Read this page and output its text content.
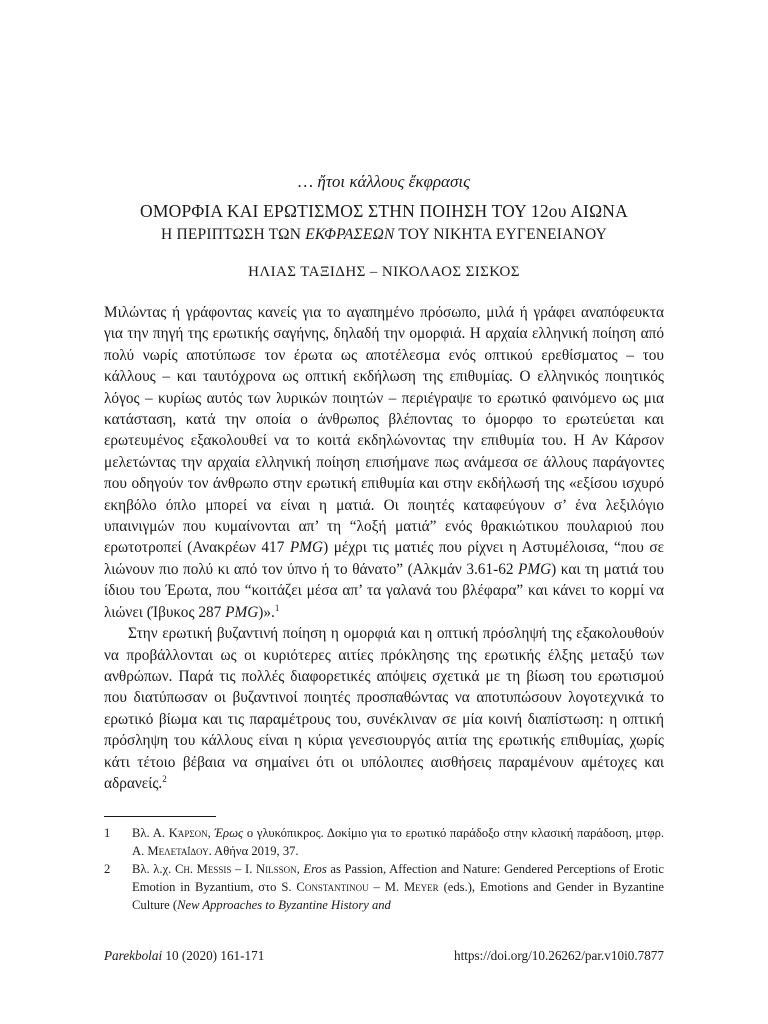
… ἤτοι κάλλους ἔκφρασις
ΟΜΟΡΦΙΑ ΚΑΙ ΕΡΩΤΙΣΜΟΣ ΣΤΗΝ ΠΟΙΗΣΗ ΤΟΥ 12ου ΑΙΩΝΑ
Η ΠΕΡΙΠΤΩΣΗ ΤΩΝ ΕΚΦΡΑΣΕΩΝ ΤΟΥ ΝΙΚΗΤΑ ΕΥΓΕΝΕΙΑΝΟΥ
ΗΛΙΑΣ ΤΑΞΙΔΗΣ – ΝΙΚΟΛΑΟΣ ΣΙΣΚΟΣ

Μιλώντας ή γράφοντας κανείς για το αγαπημένο πρόσωπο, μιλά ή γράφει αναπόφευκτα για την πηγή της ερωτικής σαγήνης, δηλαδή την ομορφιά. Η αρχαία ελληνική ποίηση από πολύ νωρίς αποτύπωσε τον έρωτα ως αποτέλεσμα ενός οπτικού ερεθίσματος – του κάλλους – και ταυτόχρονα ως οπτική εκδήλωση της επιθυμίας. Ο ελληνικός ποιητικός λόγος – κυρίως αυτός των λυρικών ποιητών – περιέγραψε το ερωτικό φαινόμενο ως μια κατάσταση, κατά την οποία ο άνθρωπος βλέποντας το όμορφο το ερωτεύεται και ερωτευμένος εξακολουθεί να το κοιτά εκδηλώνοντας την επιθυμία του. Η Αν Κάρσον μελετώντας την αρχαία ελληνική ποίηση επισήμανε πως ανάμεσα σε άλλους παράγοντες που οδηγούν τον άνθρωπο στην ερωτική επιθυμία και στην εκδήλωσή της «εξίσου ισχυρό εκηβόλο όπλο μπορεί να είναι η ματιά. Οι ποιητές καταφεύγουν σ’ ένα λεξιλόγιο υπαινιγμών που κυμαίνονται απ’ τη “λοξή ματιά” ενός θρακιώτικου πουλαριού που ερωτοτροπεί (Ανακρέων 417 PMG) μέχρι τις ματιές που ρίχνει η Αστυμέλοισα, “που σε λιώνουν πιο πολύ κι από τον ύπνο ή το θάνατο” (Αλκμάν 3.61-62 PMG) και τη ματιά του ίδιου του Έρωτα, που “κοιτάζει μέσα απ’ τα γαλανά του βλέφαρα” και κάνει το κορμί να λιώνει (Ίβυκος 287 PMG)».$^1$

Στην ερωτική βυζαντινή ποίηση η ομορφιά και η οπτική πρόσληψή της εξακολουθούν να προβάλλονται ως οι κυριότερες αιτίες πρόκλησης της ερωτικής έλξης μεταξύ των ανθρώπων. Παρά τις πολλές διαφορετικές απόψεις σχετικά με τη βίωση του ερωτισμού που διατύπωσαν οι βυζαντινοί ποιητές προσπαθώντας να αποτυπώσουν λογοτεχνικά το ερωτικό βίωμα και τις παραμέτρους του, συνέκλιναν σε μία κοινή διαπίστωση: η οπτική πρόσληψη του κάλλους είναι η κύρια γενεσιουργός αιτία της ερωτικής επιθυμίας, χωρίς κάτι τέτοιο βέβαια να σημαίνει ότι οι υπόλοιπες αισθήσεις παραμένουν αμέτοχες και αδρανείς.$^2$

1 Βλ. Α. Κάρσον, Έρως ο γλυκόπικρος. Δοκίμιο για το ερωτικό παράδοξο στην κλασική παράδοση, μτφρ. Α. Μελεταΐδου. Αθήνα 2019, 37.

2 Βλ. λ.χ. Ch. Messis – I. Nilsson, Eros as Passion, Affection and Nature: Gendered Perceptions of Erotic Emotion in Byzantium, στο S. Constantinou – M. Meyer (eds.), Emotions and Gender in Byzantine Culture (New Approaches to Byzantine History and

Parekbolai 10 (2020) 161-171	https://doi.org/10.26262/par.v10i0.7877
